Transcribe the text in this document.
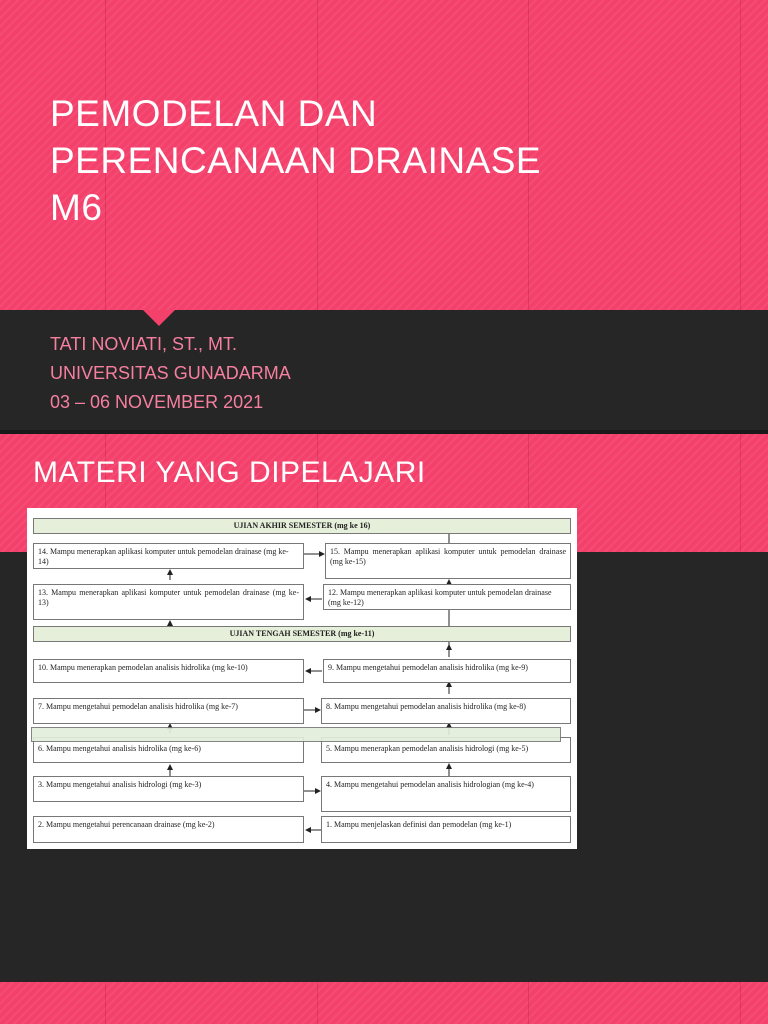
PEMODELAN DAN
PERENCANAAN DRAINASE
M6
TATI NOVIATI, ST., MT.
UNIVERSITAS GUNADARMA
03 – 06 NOVEMBER 2021
MATERI YANG DIPELAJARI
UJIAN AKHIR SEMESTER (mg ke 16)
14. Mampu menerapkan aplikasi komputer untuk pemodelan drainase (mg ke-14)
15. Mampu menerapkan aplikasi komputer untuk pemodelan drainase (mg ke-15)
13. Mampu menerapkan aplikasi komputer untuk pemodelan drainase (mg ke-13)
12. Mampu menerapkan aplikasi komputer untuk pemodelan drainase (mg ke-12)
UJIAN TENGAH SEMESTER (mg ke-11)
10. Mampu menerapkan pemodelan analisis hidrolika (mg ke-10)	9. Mampu mengetahui pemodelan analisis hidrolika (mg ke-9)
7. Mampu mengetahui pemodelan analisis hidrolika (mg ke-7)	8. Mampu mengetahui pemodelan analisis hidrolika (mg ke-8)
6. Mampu mengetahui analisis hidrolika (mg ke-6)	5. Mampu menerapkan pemodelan analisis hidrologi (mg ke-5)
3. Mampu mengetahui analisis hidrologi (mg ke-3)	4. Mampu mengetahui pemodelan analisis hidrologian (mg ke-4)
2. Mampu mengetahui perencanaan drainase (mg ke-2)	1. Mampu menjelaskan definisi dan pemodelan (mg ke-1)
